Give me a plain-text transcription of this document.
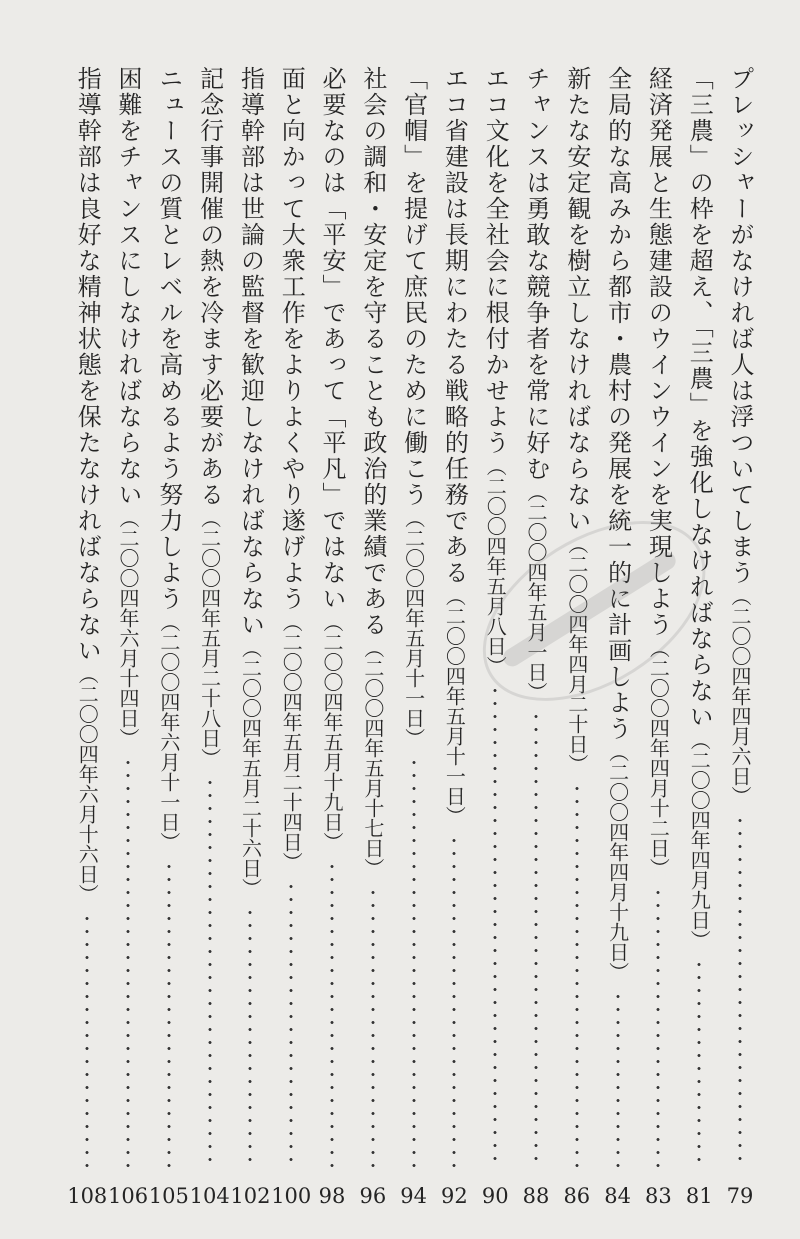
プレッシャーがなければ人は浮ついてしまう
（二〇〇四年四月六日）
79
「三農」の枠を超え、「三農」を強化しなければならない
（二〇〇四年四月九日）
81
経済発展と生態建設のウインウインを実現しよう
（二〇〇四年四月十二日）
83
全局的な高みから都市・農村の発展を統一的に計画しよう
（二〇〇四年四月十九日）
84
新たな安定観を樹立しなければならない
（二〇〇四年四月二十日）
86
チャンスは勇敢な競争者を常に好む
（二〇〇四年五月一日）
88
エコ文化を全社会に根付かせよう
（二〇〇四年五月八日）
90
エコ省建設は長期にわたる戦略的任務である
（二〇〇四年五月十一日）
92
「官帽」を提げて庶民のために働こう
（二〇〇四年五月十一日）
94
社会の調和・安定を守ることも政治的業績である
（二〇〇四年五月十七日）
96
必要なのは「平安」であって「平凡」ではない
（二〇〇四年五月十九日）
98
面と向かって大衆工作をよりよくやり遂げよう
（二〇〇四年五月二十四日）
100
指導幹部は世論の監督を歓迎しなければならない
（二〇〇四年五月二十六日）
102
記念行事開催の熱を冷ます必要がある
（二〇〇四年五月二十八日）
104
ニュースの質とレベルを高めるよう努力しよう
（二〇〇四年六月十一日）
105
困難をチャンスにしなければならない
（二〇〇四年六月十四日）
106
指導幹部は良好な精神状態を保たなければならない
（二〇〇四年六月十六日）
108
